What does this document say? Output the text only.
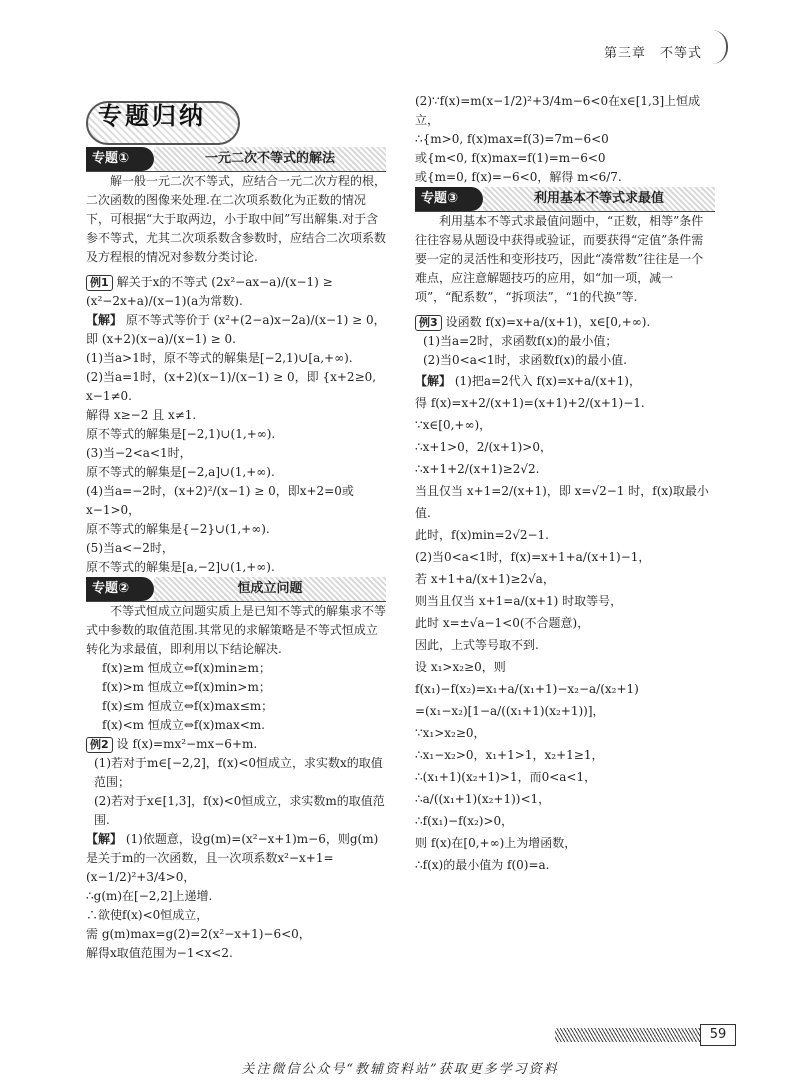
第三章　不等式
专题归纳
专题①	一元二次不等式的解法

解一般一元二次不等式，应结合一元二次方程的根，二次函数的图像来处理.在二次项系数化为正数的情况下，可根据“大于取两边，小于取中间”写出解集.对于含参不等式，尤其二次项系数含参数时，应结合二次项系数及方程根的情况对参数分类讨论.

例1 解关于x的不等式 (2x²−ax−a)/(x−1) ≥ (x²−2x+a)/(x−1)(a为常数).

【解】 原不等式等价于 (x²+(2−a)x−2a)/(x−1) ≥ 0，
即 (x+2)(x−a)/(x−1) ≥ 0.
(1)当a>1时，原不等式的解集是[−2,1)∪[a,+∞).
(2)当a=1时，(x+2)(x−1)/(x−1) ≥ 0，即 {x+2≥0, x−1≠0.
解得 x≥−2 且 x≠1.
原不等式的解集是[−2,1)∪(1,+∞).
(3)当−2<a<1时，
原不等式的解集是[−2,a]∪(1,+∞).
(4)当a=−2时，(x+2)²/(x−1) ≥ 0，即x+2=0或x−1>0，
原不等式的解集是{−2}∪(1,+∞).
(5)当a<−2时，
原不等式的解集是[a,−2]∪(1,+∞).
专题②	恒成立问题

不等式恒成立问题实质上是已知不等式的解集求不等式中参数的取值范围.其常见的求解策略是不等式恒成立转化为求最值，即利用以下结论解决.

f(x)≥m 恒成立⇔f(x)min≥m；
f(x)>m 恒成立⇔f(x)min>m；
f(x)≤m 恒成立⇔f(x)max≤m；
f(x)<m 恒成立⇔f(x)max<m.

例2 设 f(x)=mx²−mx−6+m.

(1)若对于m∈[−2,2]，f(x)<0恒成立，求实数x的取值范围；
(2)若对于x∈[1,3]，f(x)<0恒成立，求实数m的取值范围.
【解】 (1)依题意，设g(m)=(x²−x+1)m−6，则g(m)是关于m的一次函数，且一次项系数x²−x+1=(x−1/2)²+3/4>0，
∴g(m)在[−2,2]上递增.
∴欲使f(x)<0恒成立，
需 g(m)max=g(2)=2(x²−x+1)−6<0，
解得x取值范围为−1<x<2.
(2)∵f(x)=m(x−1/2)²+3/4m−6<0在x∈[1,3]上恒成立，
∴{m>0, f(x)max=f(3)=7m−6<0
或{m<0, f(x)max=f(1)=m−6<0
或{m=0, f(x)=−6<0，解得 m<6/7.
专题③	利用基本不等式求最值

利用基本不等式求最值问题中，“正数，相等”条件往往容易从题设中获得或验证，而要获得“定值”条件需要一定的灵活性和变形技巧，因此“凑常数”往往是一个难点，应注意解题技巧的应用，如“加一项，减一项”，“配系数”，“拆项法”，“1的代换”等.

例3 设函数 f(x)=x+a/(x+1)，x∈[0,+∞).

(1)当a=2时，求函数f(x)的最小值；
(2)当0<a<1时，求函数f(x)的最小值.
【解】 (1)把a=2代入 f(x)=x+a/(x+1)，
得 f(x)=x+2/(x+1)=(x+1)+2/(x+1)−1.
∵x∈[0,+∞)，
∴x+1>0，2/(x+1)>0，
∴x+1+2/(x+1)≥2√2.
当且仅当 x+1=2/(x+1)，即 x=√2−1 时，f(x)取最小值.
此时，f(x)min=2√2−1.
(2)当0<a<1时，f(x)=x+1+a/(x+1)−1，
若 x+1+a/(x+1)≥2√a，
则当且仅当 x+1=a/(x+1) 时取等号，
此时 x=±√a−1<0(不合题意)，
因此，上式等号取不到.
设 x₁>x₂≥0，则
f(x₁)−f(x₂)=x₁+a/(x₁+1)−x₂−a/(x₂+1)
=(x₁−x₂)[1−a/((x₁+1)(x₂+1))]，
∵x₁>x₂≥0，
∴x₁−x₂>0，x₁+1>1，x₂+1≥1，
∴(x₁+1)(x₂+1)>1，而0<a<1，
∴a/((x₁+1)(x₂+1))<1，
∴f(x₁)−f(x₂)>0，
则 f(x)在[0,+∞)上为增函数，
∴f(x)的最小值为 f(0)=a.
59
关注微信公众号“教辅资料站”获取更多学习资料
